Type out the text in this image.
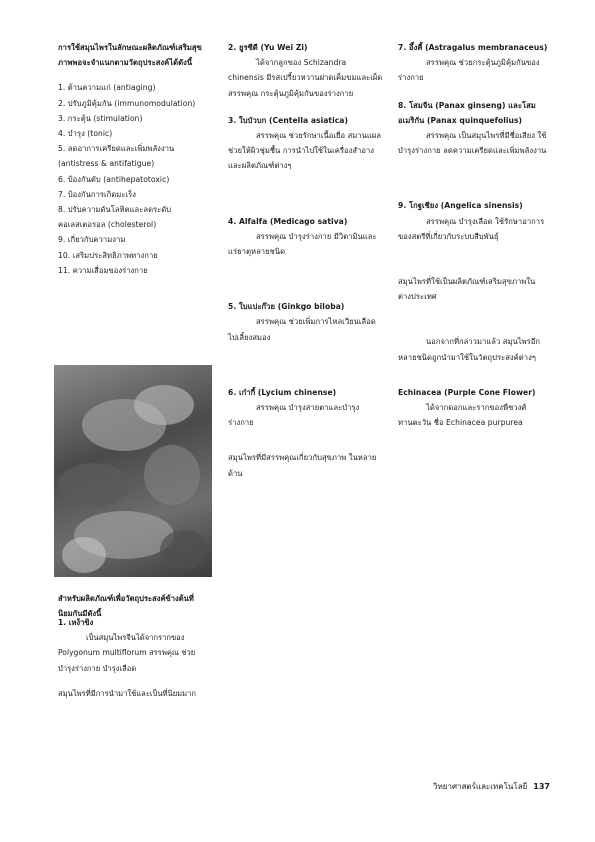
การใช้สมุนไพรในลักษณะผลิตภัณฑ์เสริมสุขภาพพอจะจำแนกตามวัตถุประสงค์ได้ดังนี้

1. ต้านความแก่ (antiaging)
2. ปรับภูมิคุ้มกัน (immunomodulation)
3. กระตุ้น (stimulation)
4. บำรุง (tonic)
5. ลดอาการเครียดและเพิ่มพลังงาน (antistress & antifatigue)
6. ป้องกันตับ (antihepatotoxic)
7. ป้องกันการเกิดมะเร็ง
8. ปรับความดันโลหิตและลดระดับคอเลสเตอรอล (cholesterol)
9. เกี่ยวกับความงาม
10. เสริมประสิทธิภาพทางกาย
11. ความเสื่อมของร่างกาย

สำหรับผลิตภัณฑ์เพื่อวัตถุประสงค์ข้างต้นที่นิยมกันมีดังนี้

1. เหง้าขิง

เป็นสมุนไพรจีนได้จากรากของ Polygonum multiflorum สรรพคุณ ช่วยบำรุงร่างกาย บำรุงเลือด

สมุนไพรที่มีการนำมาใช้และเป็นที่นิยมมาก

2. ยูรซีดี (Yu Wei Zi)

ได้จากลูกของ Schizandra chinensis มีรสเปรี้ยวหวานฝาดเค็มขมและเผ็ด สรรพคุณ กระตุ้นภูมิคุ้มกันของร่างกาย

3. ใบบัวบก (Centella asiatica)

สรรพคุณ ช่วยรักษาเนื้อเยื่อ สมานแผล ช่วยให้ผิวชุ่มชื้น การนำไปใช้ในเครื่องสำอางและผลิตภัณฑ์ต่างๆ

4. Alfalfa (Medicago sativa)

สรรพคุณ บำรุงร่างกาย มีวิตามินและแร่ธาตุหลายชนิด

5. ใบแปะก๊วย (Ginkgo biloba)

สรรพคุณ ช่วยเพิ่มการไหลเวียนเลือดไปเลี้ยงสมอง

6. เก๋ากี้ (Lycium chinense)

สรรพคุณ บำรุงสายตาและบำรุงร่างกาย

สมุนไพรที่มีสรรพคุณเกี่ยวกับสุขภาพ ในหลายด้าน

7. อึ้งคี้ (Astragalus membranaceus)

สรรพคุณ ช่วยกระตุ้นภูมิคุ้มกันของร่างกาย

8. โสมจีน (Panax ginseng) และโสมอเมริกัน (Panax quinquefolius)

สรรพคุณ เป็นสมุนไพรที่มีชื่อเสียง ใช้บำรุงร่างกาย ลดความเครียดและเพิ่มพลังงาน

9. โกฐเชียง (Angelica sinensis)

สรรพคุณ บำรุงเลือด ใช้รักษาอาการของสตรีที่เกี่ยวกับระบบสืบพันธุ์

สมุนไพรที่ใช้เป็นผลิตภัณฑ์เสริมสุขภาพในต่างประเทศ

นอกจากที่กล่าวมาแล้ว สมุนไพรอีกหลายชนิดถูกนำมาใช้ในวัตถุประสงค์ต่างๆ

Echinacea (Purple Cone Flower)

ได้จากดอกและรากของพืชวงศ์ทานตะวัน ชื่อ Echinacea purpurea

วิทยาศาสตร์และเทคโนโลยี 137
